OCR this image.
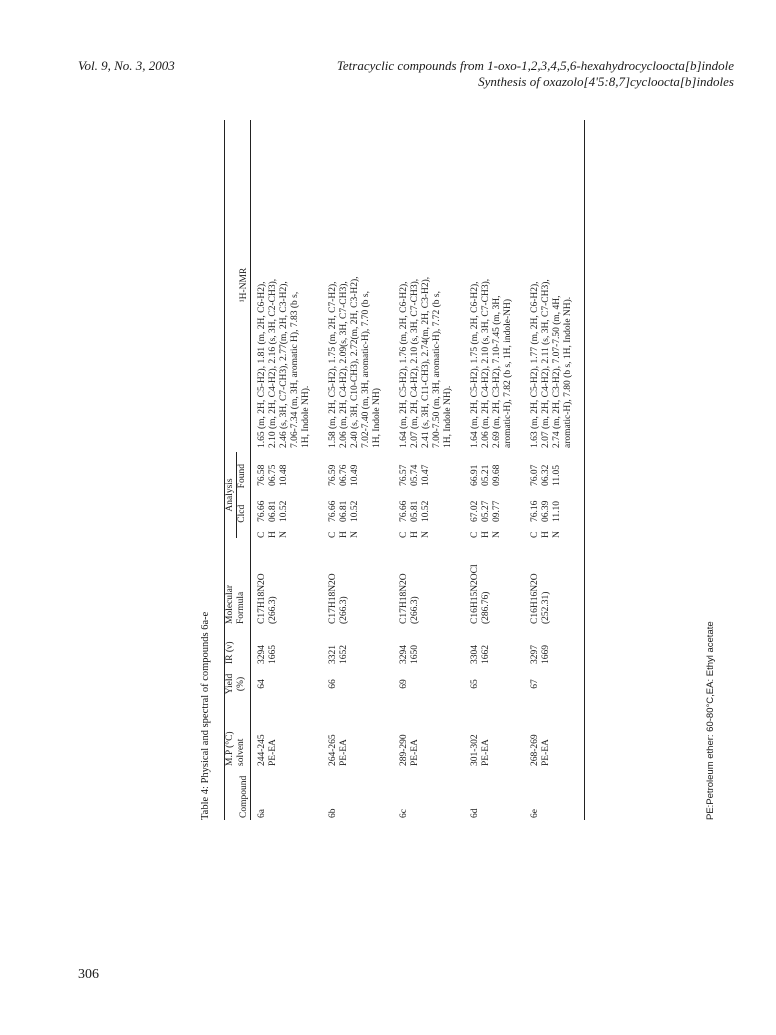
Vol. 9, No. 3, 2003	Tetracyclic compounds from 1-oxo-1,2,3,4,5,6-hexahydrocycloocta[b]indole
Synthesis of oxazolo[4'5:8,7]cycloocta[b]indoles
Table 4: Physical and spectral of compounds 6a-e	Compound
M.P (°C) solvent
Yield (%)
IR (ν)
Molecular Formula
Analysis
Clcd
Found
¹H-NMR
6a
244-245 PE-EA
64
3294 1665
C17H18N2O (266.3)
C H N
76.66 06.81 10.52
76.58 06.75 10.48
1.65 (m, 2H, C5-H2), 1.81 (m, 2H, C6-H2), 2.10 (m, 2H, C4-H2), 2.16 (s, 3H, C2-CH3), 2.46 (s, 3H, C7-CH3), 2.77(m, 2H, C3-H2), 7.06-7.34 (m, 3H, aromatic H), 7.83 (b s, 1H, Indole NH).
6b
264-265 PE-EA
66
3321 1652
C17H18N2O (266.3)
C H N
76.66 06.81 10.52
76.59 06.76 10.49
1.58 (m, 2H, C5-H2), 1.75 (m, 2H, C7-H2), 2.06 (m, 2H, C4-H2), 2.09(s, 3H, C7-CH3), 2.40 (s, 3H, C10-CH3), 2.72(m, 2H, C3-H2), 7.02-7.40 (m, 3H, aromatic-H), 7.70 (b s, 1H, Indole NH)
6c
289-290 PE-EA
69
3294 1650
C17H18N2O (266.3)
C H N
76.66 05.81 10.52
76.57 05.74 10.47
1.64 (m, 2H, C5-H2), 1.76 (m, 2H, C6-H2), 2.07 (m, 2H, C4-H2), 2.10 (s, 3H, C7-CH3), 2.41 (s, 3H, C11-CH3), 2.74(m, 2H, C3-H2), 7.00-7.50 (m, 3H, aromatic-H), 7.72 (b s, 1H, Indole NH).
6d
301-302 PE-EA
65
3304 1662
C16H15N2OCl (286.76)
C H N
67.02 05.27 09.77
66.91 05.21 09.68
1.64 (m, 2H, C5-H2), 1.75 (m, 2H, C6-H2), 2.06 (m, 2H, C4-H2), 2.10 (s, 3H, C7-CH3), 2.69 (m, 2H, C3-H2), 7.10-7.45 (m, 3H, aromatic-H), 7.82 (b s, 1H, indole-NH)
6e
268-269 PE-EA
67
3297 1669
C16H16N2O (252.31)
C H N
76.16 06.39 11.10
76.07 06.32 11.05
1.63 (m, 2H, C5-H2), 1.77 (m, 2H, C6-H2), 2.07 (m, 2H, C4-H2), 2.11 (s, 3H, C7-CH3), 2.74 (m, 2H, C3-H2), 7.07-7.50 (m, 4H, aromatic-H), 7.80 (b s, 1H, Indole NH).
PE:Petroleum ether: 60-80°C,EA: Ethyl acetate
306
